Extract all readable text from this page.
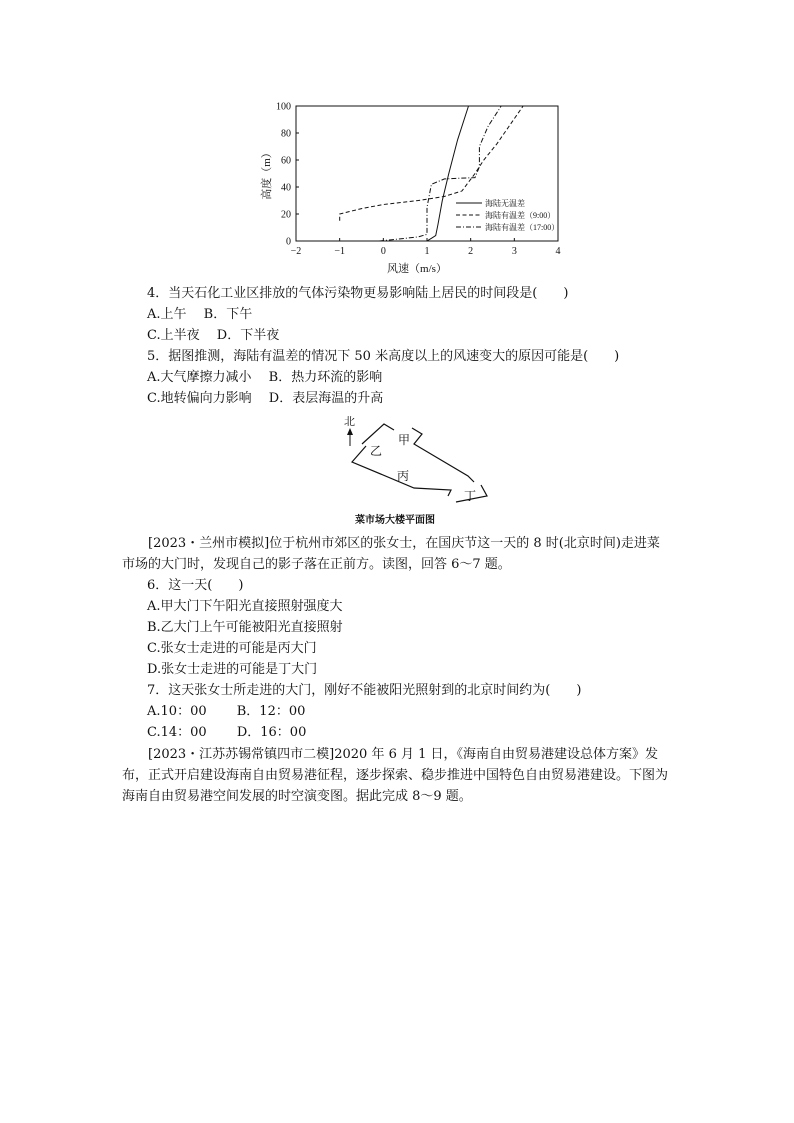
−2	−1	0	1	2	3	4
0
20
40
60
80
100
风速（m/s）
高度（m）
海陆无温差
海陆有温差（9:00）
海陆有温差（17:00）
4．当天石化工业区排放的气体污染物更易影响陆上居民的时间段是(　　)
A.上午　 B．下午
C.上半夜　 D．下半夜
5．据图推测，海陆有温差的情况下 50 米高度以上的风速变大的原因可能是(　　)
A.大气摩擦力减小　 B．热力环流的影响
C.地转偏向力影响　 D．表层海温的升高
北
甲
乙
丙
丁
菜市场大楼平面图
[2023・兰州市模拟]位于杭州市郊区的张女士，在国庆节这一天的 8 时(北京时间)走进菜市场的大门时，发现自己的影子落在正前方。读图，回答 6～7 题。
6．这一天(　　)
A.甲大门下午阳光直接照射强度大
B.乙大门上午可能被阳光直接照射
C.张女士走进的可能是丙大门
D.张女士走进的可能是丁大门
7．这天张女士所走进的大门，刚好不能被阳光照射到的北京时间约为(　　)
A.10：00　　 B．12：00
C.14：00　　 D．16：00
[2023・江苏苏锡常镇四市二模]2020 年 6 月 1 日，《海南自由贸易港建设总体方案》发布，正式开启建设海南自由贸易港征程，逐步探索、稳步推进中国特色自由贸易港建设。下图为海南自由贸易港空间发展的时空演变图。据此完成 8～9 题。
